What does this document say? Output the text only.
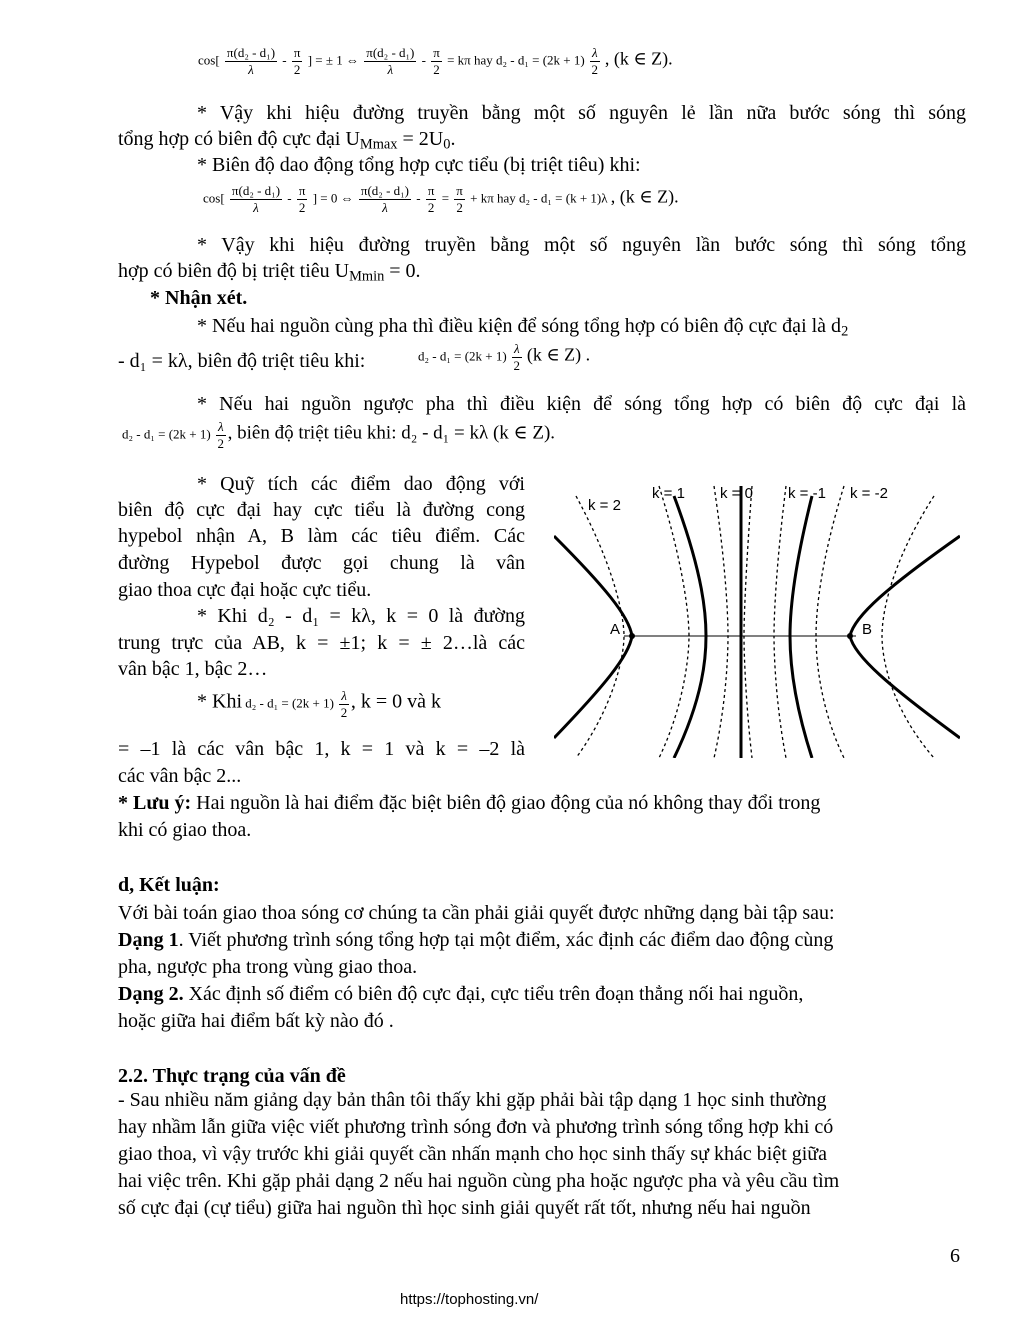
$\cos[ \frac{\text{π(d₂ - d₁)}}{\lambda} - \frac{\pi}{2}$ ] = ± 1 ⇔ $\frac{\text{π(d₂ - d₁)}}{\lambda} - \frac{\pi}{2} = k\pi$ hay $d_2 - d_1 = (2k + 1) \frac{\lambda}{2}$ , (k ∈ Z).
* Vậy khi hiệu đường truyền bằng một số nguyên lẻ lần nữa bước sóng thì sóng
tổng hợp có biên độ cực đại $U_{Mmax} = 2U_0$.
* Biên độ dao động tổng hợp cực tiểu (bị triệt tiêu) khi:
$\cos[ \frac{\text{π(d₂ - d₁)}}{\lambda} - \frac{\pi}{2}$ ] = 0 ⇔ $\frac{\text{π(d₂ - d₁)}}{\lambda} - \frac{\pi}{2} = \frac{\pi}{2} + k\pi$ hay d₂ - d₁ = (k + 1)λ , (k ∈ Z).
* Vậy khi hiệu đường truyền bằng một số nguyên lần bước sóng thì sóng tổng
hợp có biên độ bị triệt tiêu $U_{Mmin} = 0$.
* Nhận xét.
* Nếu hai nguồn cùng pha thì điều kiện để sóng tổng hợp có biên độ cực đại là $d_2$
- d₁ = kλ, biên độ triệt tiêu khi:	$d_2 - d_1 = (2k + 1) \frac{\lambda}{2} (k$ ∈ Z) .
* Nếu hai nguồn ngược pha thì điều kiện để sóng tổng hợp có biên độ cực đại là
$d_2 - d_1 = (2k + 1) \frac{\lambda}{2}$ , biên độ triệt tiêu khi: d₂ - d₁ = kλ (k ∈ Z).
* Quỹ tích các điểm dao động với
biên độ cực đại hay cực tiểu là đường cong
hypebol nhận A, B làm các tiêu điểm. Các
đường Hypebol được gọi chung là vân
giao thoa cực đại hoặc cực tiểu.
* Khi d₂ - d₁ = kλ, k = 0 là đường
trung trực của AB, k = ±1; k = ± 2…là các
vân bậc 1, bậc 2…
* Khi $d_2 - d_1 = (2k + 1) \frac{\lambda}{2}$ , k = 0 và k
= –1 là các vân bậc 1, k = 1 và k = –2 là
các vân bậc 2...
k = 2
k = 1 k = 0 k = -1 k = -2
A	B
* Lưu ý: Hai nguồn là hai điểm đặc biệt biên độ giao động của nó không thay đổi trong
khi có giao thoa.
d, Kết luận:
Với bài toán giao thoa sóng cơ chúng ta cần phải giải quyết được những dạng bài tập sau:
Dạng 1. Viết phương trình sóng tổng hợp tại một điểm, xác định các điểm dao động cùng
pha, ngược pha trong vùng giao thoa.
Dạng 2. Xác định số điểm có biên độ cực đại, cực tiểu trên đoạn thẳng nối hai nguồn,
hoặc giữa hai điểm bất kỳ nào đó .
2.2. Thực trạng của vấn đề
- Sau nhiều năm giảng dạy bản thân tôi thấy khi gặp phải bài tập dạng 1 học sinh thường
hay nhầm lẫn giữa việc viết phương trình sóng đơn và phương trình sóng tổng hợp khi có
giao thoa, vì vậy trước khi giải quyết cần nhấn mạnh cho học sinh thấy sự khác biệt giữa
hai việc trên. Khi gặp phải dạng 2 nếu hai nguồn cùng pha hoặc ngược pha và yêu cầu tìm
số cực đại (cự tiểu) giữa hai nguồn thì học sinh giải quyết rất tốt, nhưng nếu hai nguồn
6
https://tophosting.vn/
